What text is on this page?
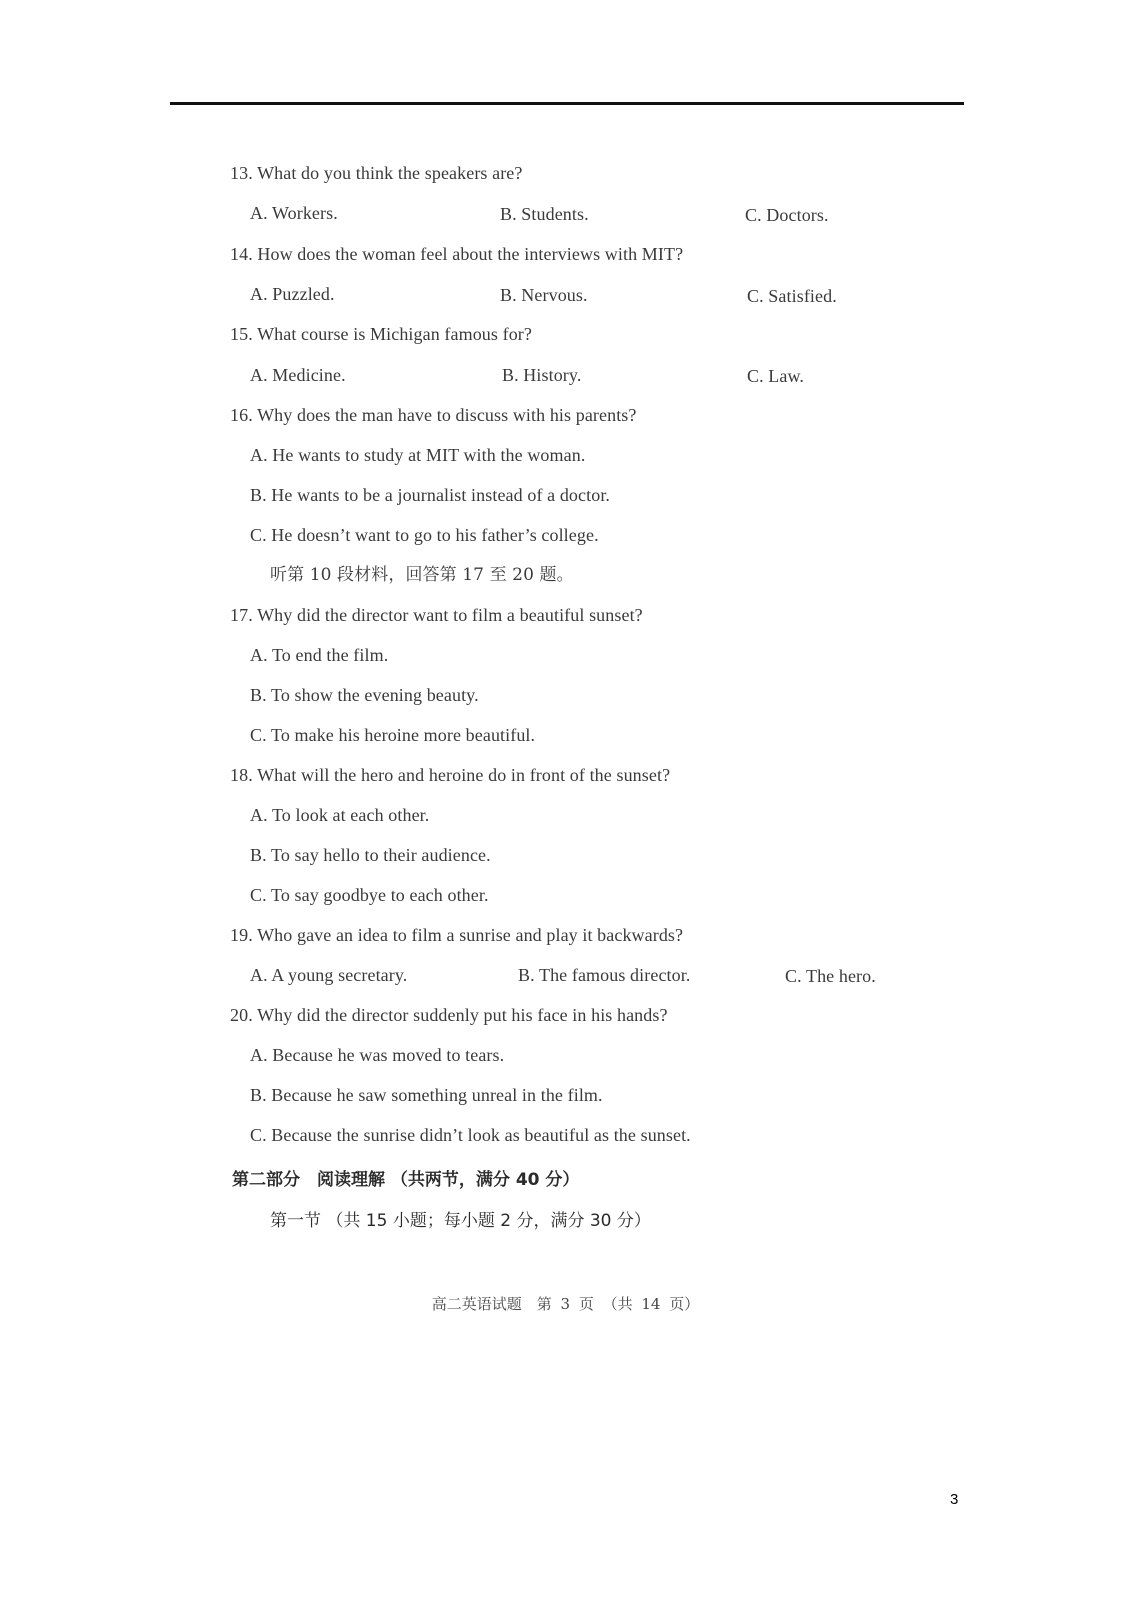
13. What do you think the speakers are?
A. Workers.	B. Students.	C. Doctors.
14. How does the woman feel about the interviews with MIT?
A. Puzzled.	B. Nervous.	C. Satisfied.
15. What course is Michigan famous for?
A. Medicine.	B. History.	C. Law.
16. Why does the man have to discuss with his parents?
A. He wants to study at MIT with the woman.
B. He wants to be a journalist instead of a doctor.
C. He doesn’t want to go to his father’s college.
听第 10 段材料，回答第 17 至 20 题。
17. Why did the director want to film a beautiful sunset?
A. To end the film.
B. To show the evening beauty.
C. To make his heroine more beautiful.
18. What will the hero and heroine do in front of the sunset?
A. To look at each other.
B. To say hello to their audience.
C. To say goodbye to each other.
19. Who gave an idea to film a sunrise and play it backwards?
A. A young secretary.	B. The famous director.	C. The hero.
20. Why did the director suddenly put his face in his hands?
A. Because he was moved to tears.
B. Because he saw something unreal in the film.
C. Because the sunrise didn’t look as beautiful as the sunset.
第二部分　阅读理解 （共两节，满分 40 分）
第一节 （共 15 小题；每小题 2 分，满分 30 分）
高二英语试题　第 3 页 （共 14 页）
3
